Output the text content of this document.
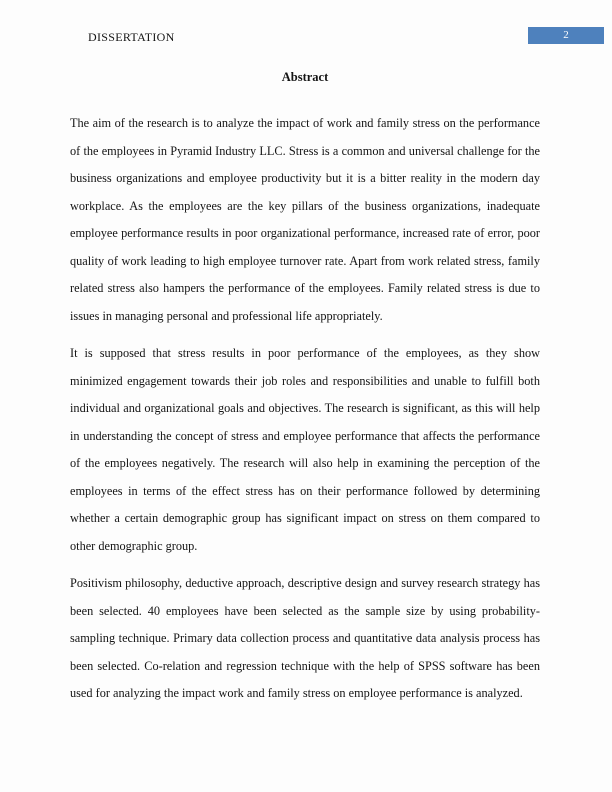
DISSERTATION	2
Abstract

The aim of the research is to analyze the impact of work and family stress on the performance of the employees in Pyramid Industry LLC. Stress is a common and universal challenge for the business organizations and employee productivity but it is a bitter reality in the modern day workplace. As the employees are the key pillars of the business organizations, inadequate employee performance results in poor organizational performance, increased rate of error, poor quality of work leading to high employee turnover rate. Apart from work related stress, family related stress also hampers the performance of the employees. Family related stress is due to issues in managing personal and professional life appropriately.

It is supposed that stress results in poor performance of the employees, as they show minimized engagement towards their job roles and responsibilities and unable to fulfill both individual and organizational goals and objectives. The research is significant, as this will help in understanding the concept of stress and employee performance that affects the performance of the employees negatively. The research will also help in examining the perception of the employees in terms of the effect stress has on their performance followed by determining whether a certain demographic group has significant impact on stress on them compared to other demographic group.

Positivism philosophy, deductive approach, descriptive design and survey research strategy has been selected. 40 employees have been selected as the sample size by using probability-sampling technique. Primary data collection process and quantitative data analysis process has been selected. Co-relation and regression technique with the help of SPSS software has been used for analyzing the impact work and family stress on employee performance is analyzed.
